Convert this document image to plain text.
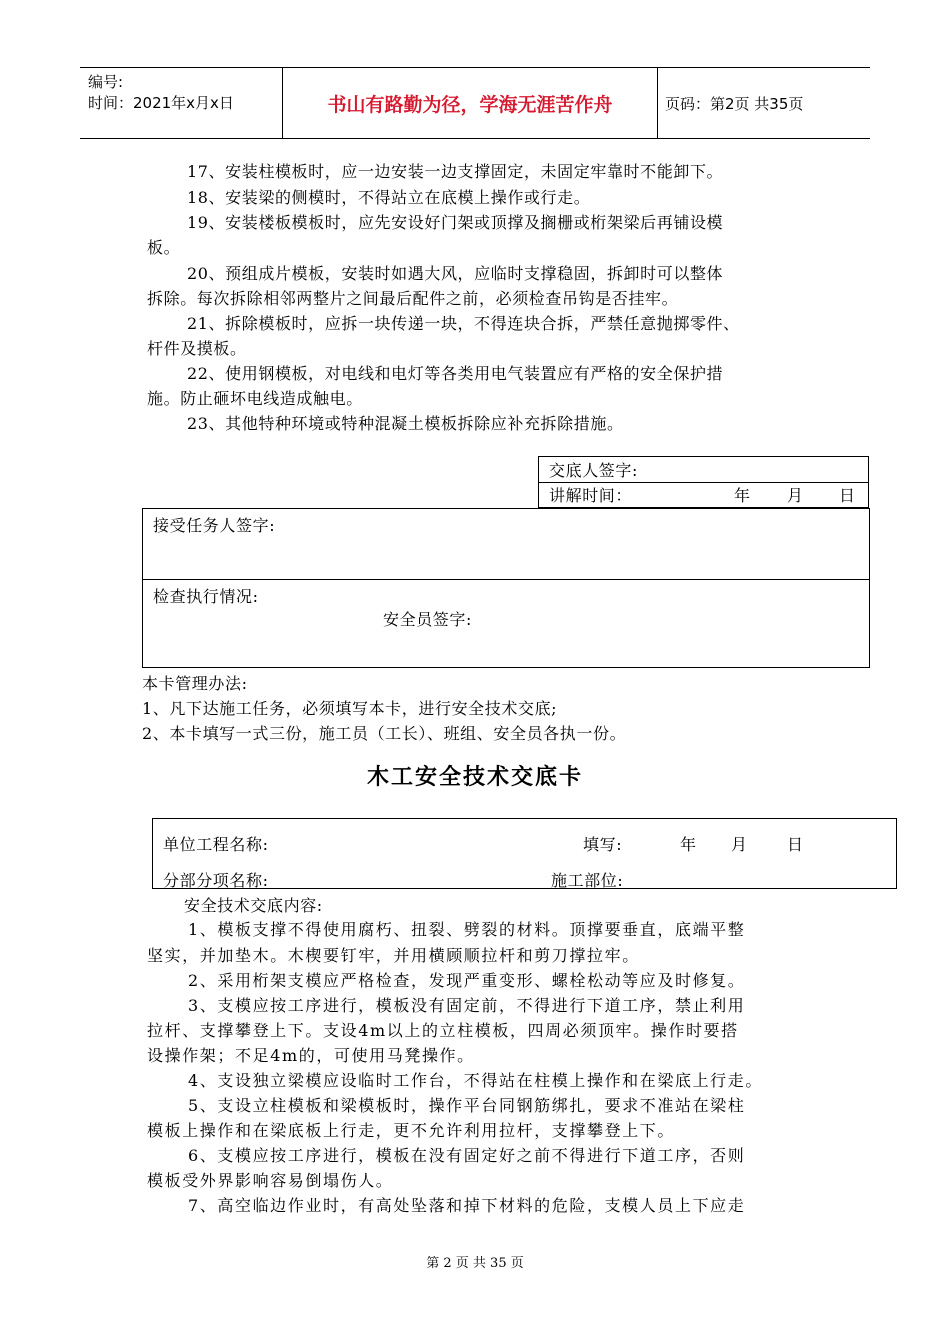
编号:
时间：2021年x月x日	书山有路勤为径，学海无涯苦作舟	页码：第2页 共35页
17、安装柱模板时，应一边安装一边支撑固定，未固定牢靠时不能卸下。
18、安装梁的侧模时，不得站立在底模上操作或行走。
19、安装楼板模板时，应先安设好门架或顶撑及搁栅或桁架梁后再铺设模
板。
20、预组成片模板，安装时如遇大风，应临时支撑稳固，拆卸时可以整体
拆除。每次拆除相邻两整片之间最后配件之前，必须检查吊钩是否挂牢。
21、拆除模板时，应拆一块传递一块，不得连块合拆，严禁任意抛掷零件、
杆件及摸板。
22、使用钢模板，对电线和电灯等各类用电气装置应有严格的安全保护措
施。防止砸坏电线造成触电。
23、其他特种环境或特种混凝土模板拆除应补充拆除措施。
交底人签字:
讲解时间：	年 月 日
接受任务人签字:
检查执行情况:
安全员签字:
本卡管理办法:
1、凡下达施工任务，必须填写本卡，进行安全技术交底;
2、本卡填写一式三份，施工员（工长）、班组、安全员各执一份。
木工安全技术交底卡
单位工程名称:	填写:	年 月 日
分部分项名称:	施工部位:
安全技术交底内容:
1、模板支撑不得使用腐朽、扭裂、劈裂的材料。顶撑要垂直，底端平整
坚实，并加垫木。木楔要钉牢，并用横顾顺拉杆和剪刀撑拉牢。
2、采用桁架支模应严格检查，发现严重变形、螺栓松动等应及时修复。
3、支模应按工序进行，模板没有固定前，不得进行下道工序，禁止利用
拉杆、支撑攀登上下。支设4m以上的立柱模板，四周必须顶牢。操作时要搭
设操作架；不足4m的，可使用马凳操作。
4、支设独立梁模应设临时工作台，不得站在柱模上操作和在梁底上行走。
5、支设立柱模板和梁模板时，操作平台同钢筋绑扎，要求不准站在梁柱
模板上操作和在梁底板上行走，更不允许利用拉杆，支撑攀登上下。
6、支模应按工序进行，模板在没有固定好之前不得进行下道工序，否则
模板受外界影响容易倒塌伤人。
7、高空临边作业时，有高处坠落和掉下材料的危险，支模人员上下应走
第 2 页 共 35 页
